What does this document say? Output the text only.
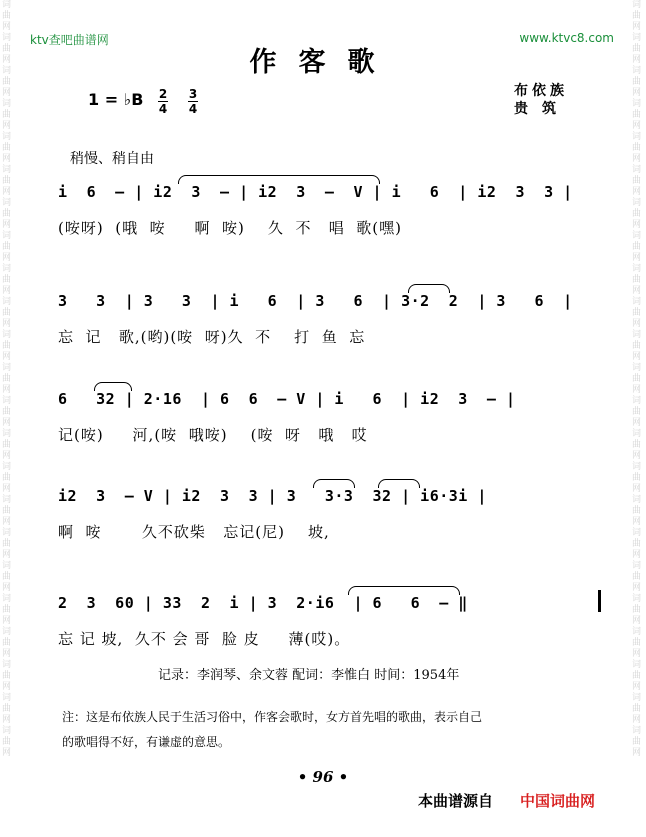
ktv查吧曲谱网	www.ktvc8.com
词曲网词曲网词曲网词曲网词曲网词曲网词曲网词曲网词曲网词曲网词曲网词曲网词曲网词曲网词曲网词曲网词曲网词曲网词曲网词曲网词曲网词曲网词曲网
词曲网词曲网词曲网词曲网词曲网词曲网词曲网词曲网词曲网词曲网词曲网词曲网词曲网词曲网词曲网词曲网词曲网词曲网词曲网词曲网词曲网词曲网词曲网
作客歌
布依族
贵筑
1 = ♭B 2
4
3
4
稍慢、稍自由
i  6  — | i2  3  — | i2  3  —  V | i   6  | i2  3  3 |
(咹呀)  (哦  咹     啊  咹)    久  不   唱  歌(嘿)
3   3  | 3   3  | i   6  | 3   6  | 3·2  2  | 3   6  |
忘  记   歌,(哟)(咹  呀)久  不    打  鱼  忘
6   32 | 2·16  | 6  6  — V | i   6  | i2  3  — |
记(咹)     河,(咹  哦咹)    (咹  呀   哦   哎
i2  3  — V | i2  3  3 | 3   3·3  32 | i6·3i |
啊  咹       久不砍柴   忘记(尼)    坡,
2  3  60 | 33  2  i | 3  2·i6  | 6   6  — ‖
忘 记 坡,  久不 会 哥  脸 皮     薄(哎)。
记录：李润琴、余文蓉 配词：李惟白 时间：1954年
注：这是布依族人民于生活习俗中，作客会歌时，女方首先唱的歌曲，表示自己
的歌唱得不好，有谦虚的意思。
• 96 •
本曲谱源自 中国词曲网
